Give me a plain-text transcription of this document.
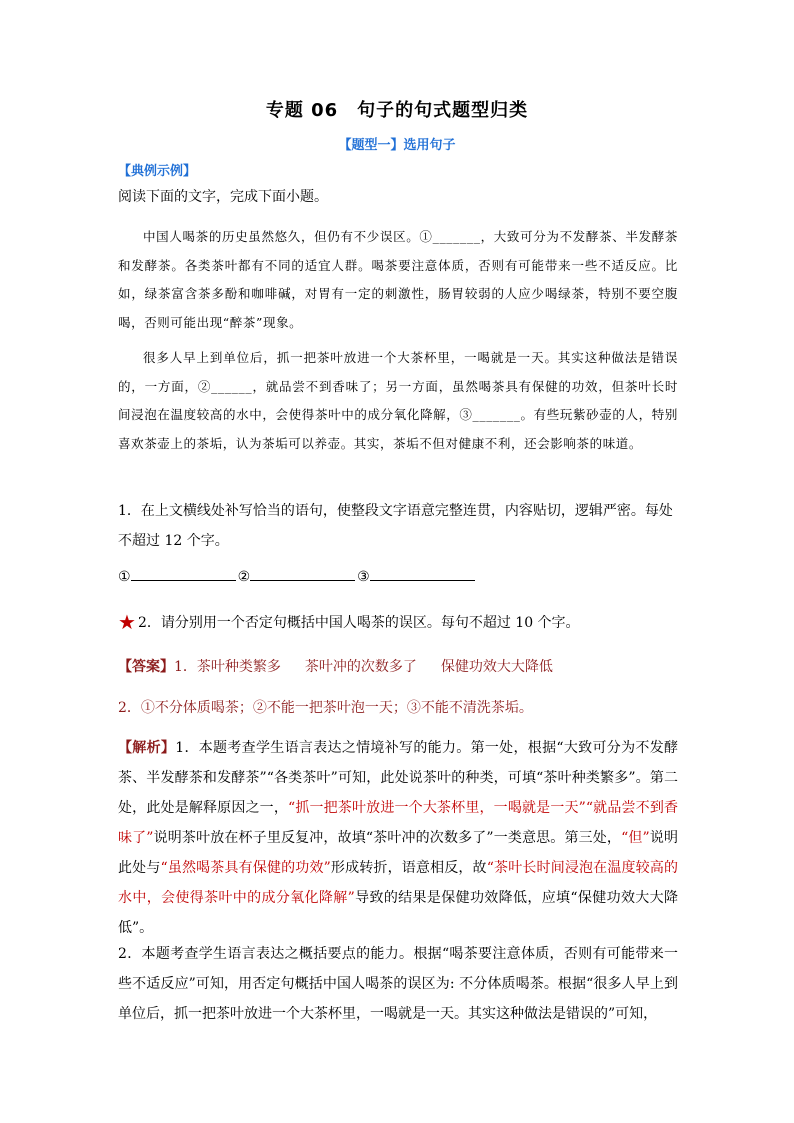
专题 06　句子的句式题型归类
【题型一】选用句子
【典例示例】
阅读下面的文字，完成下面小题。
中国人喝茶的历史虽然悠久，但仍有不少误区。①_______，大致可分为不发酵茶、半发酵茶和发酵茶。各类茶叶都有不同的适宜人群。喝茶要注意体质，否则有可能带来一些不适反应。比如，绿茶富含茶多酚和咖啡碱，对胃有一定的刺激性，肠胃较弱的人应少喝绿茶，特别不要空腹喝，否则可能出现“醉茶”现象。
很多人早上到单位后，抓一把茶叶放进一个大茶杯里，一喝就是一天。其实这种做法是错误的，一方面，②______，就品尝不到香味了；另一方面，虽然喝茶具有保健的功效，但茶叶长时间浸泡在温度较高的水中，会使得茶叶中的成分氧化降解，③_______。有些玩紫砂壶的人，特别喜欢茶壶上的茶垢，认为茶垢可以养壶。其实，茶垢不但对健康不利，还会影响茶的味道。
1．在上文横线处补写恰当的语句，使整段文字语意完整连贯，内容贴切，逻辑严密。每处不超过 12 个字。
①	②	③
★ 2．请分别用一个否定句概括中国人喝茶的误区。每句不超过 10 个字。
【答案】1．茶叶种类繁多 茶叶冲的次数多了 保健功效大大降低
2．①不分体质喝茶；②不能一把茶叶泡一天；③不能不清洗茶垢。
【解析】1．本题考查学生语言表达之情境补写的能力。第一处，根据“大致可分为不发酵茶、半发酵茶和发酵茶”“各类茶叶”可知，此处说茶叶的种类，可填“茶叶种类繁多”。第二处，此处是解释原因之一，“抓一把茶叶放进一个大茶杯里，一喝就是一天”“就品尝不到香味了”说明茶叶放在杯子里反复冲，故填“茶叶冲的次数多了”一类意思。第三处，“但”说明此处与“虽然喝茶具有保健的功效”形成转折，语意相反，故“茶叶长时间浸泡在温度较高的水中，会使得茶叶中的成分氧化降解”导致的结果是保健功效降低，应填“保健功效大大降低”。
2．本题考查学生语言表达之概括要点的能力。根据“喝茶要注意体质，否则有可能带来一些不适反应”可知，用否定句概括中国人喝茶的误区为: 不分体质喝茶。根据“很多人早上到单位后，抓一把茶叶放进一个大茶杯里，一喝就是一天。其实这种做法是错误的”可知，
